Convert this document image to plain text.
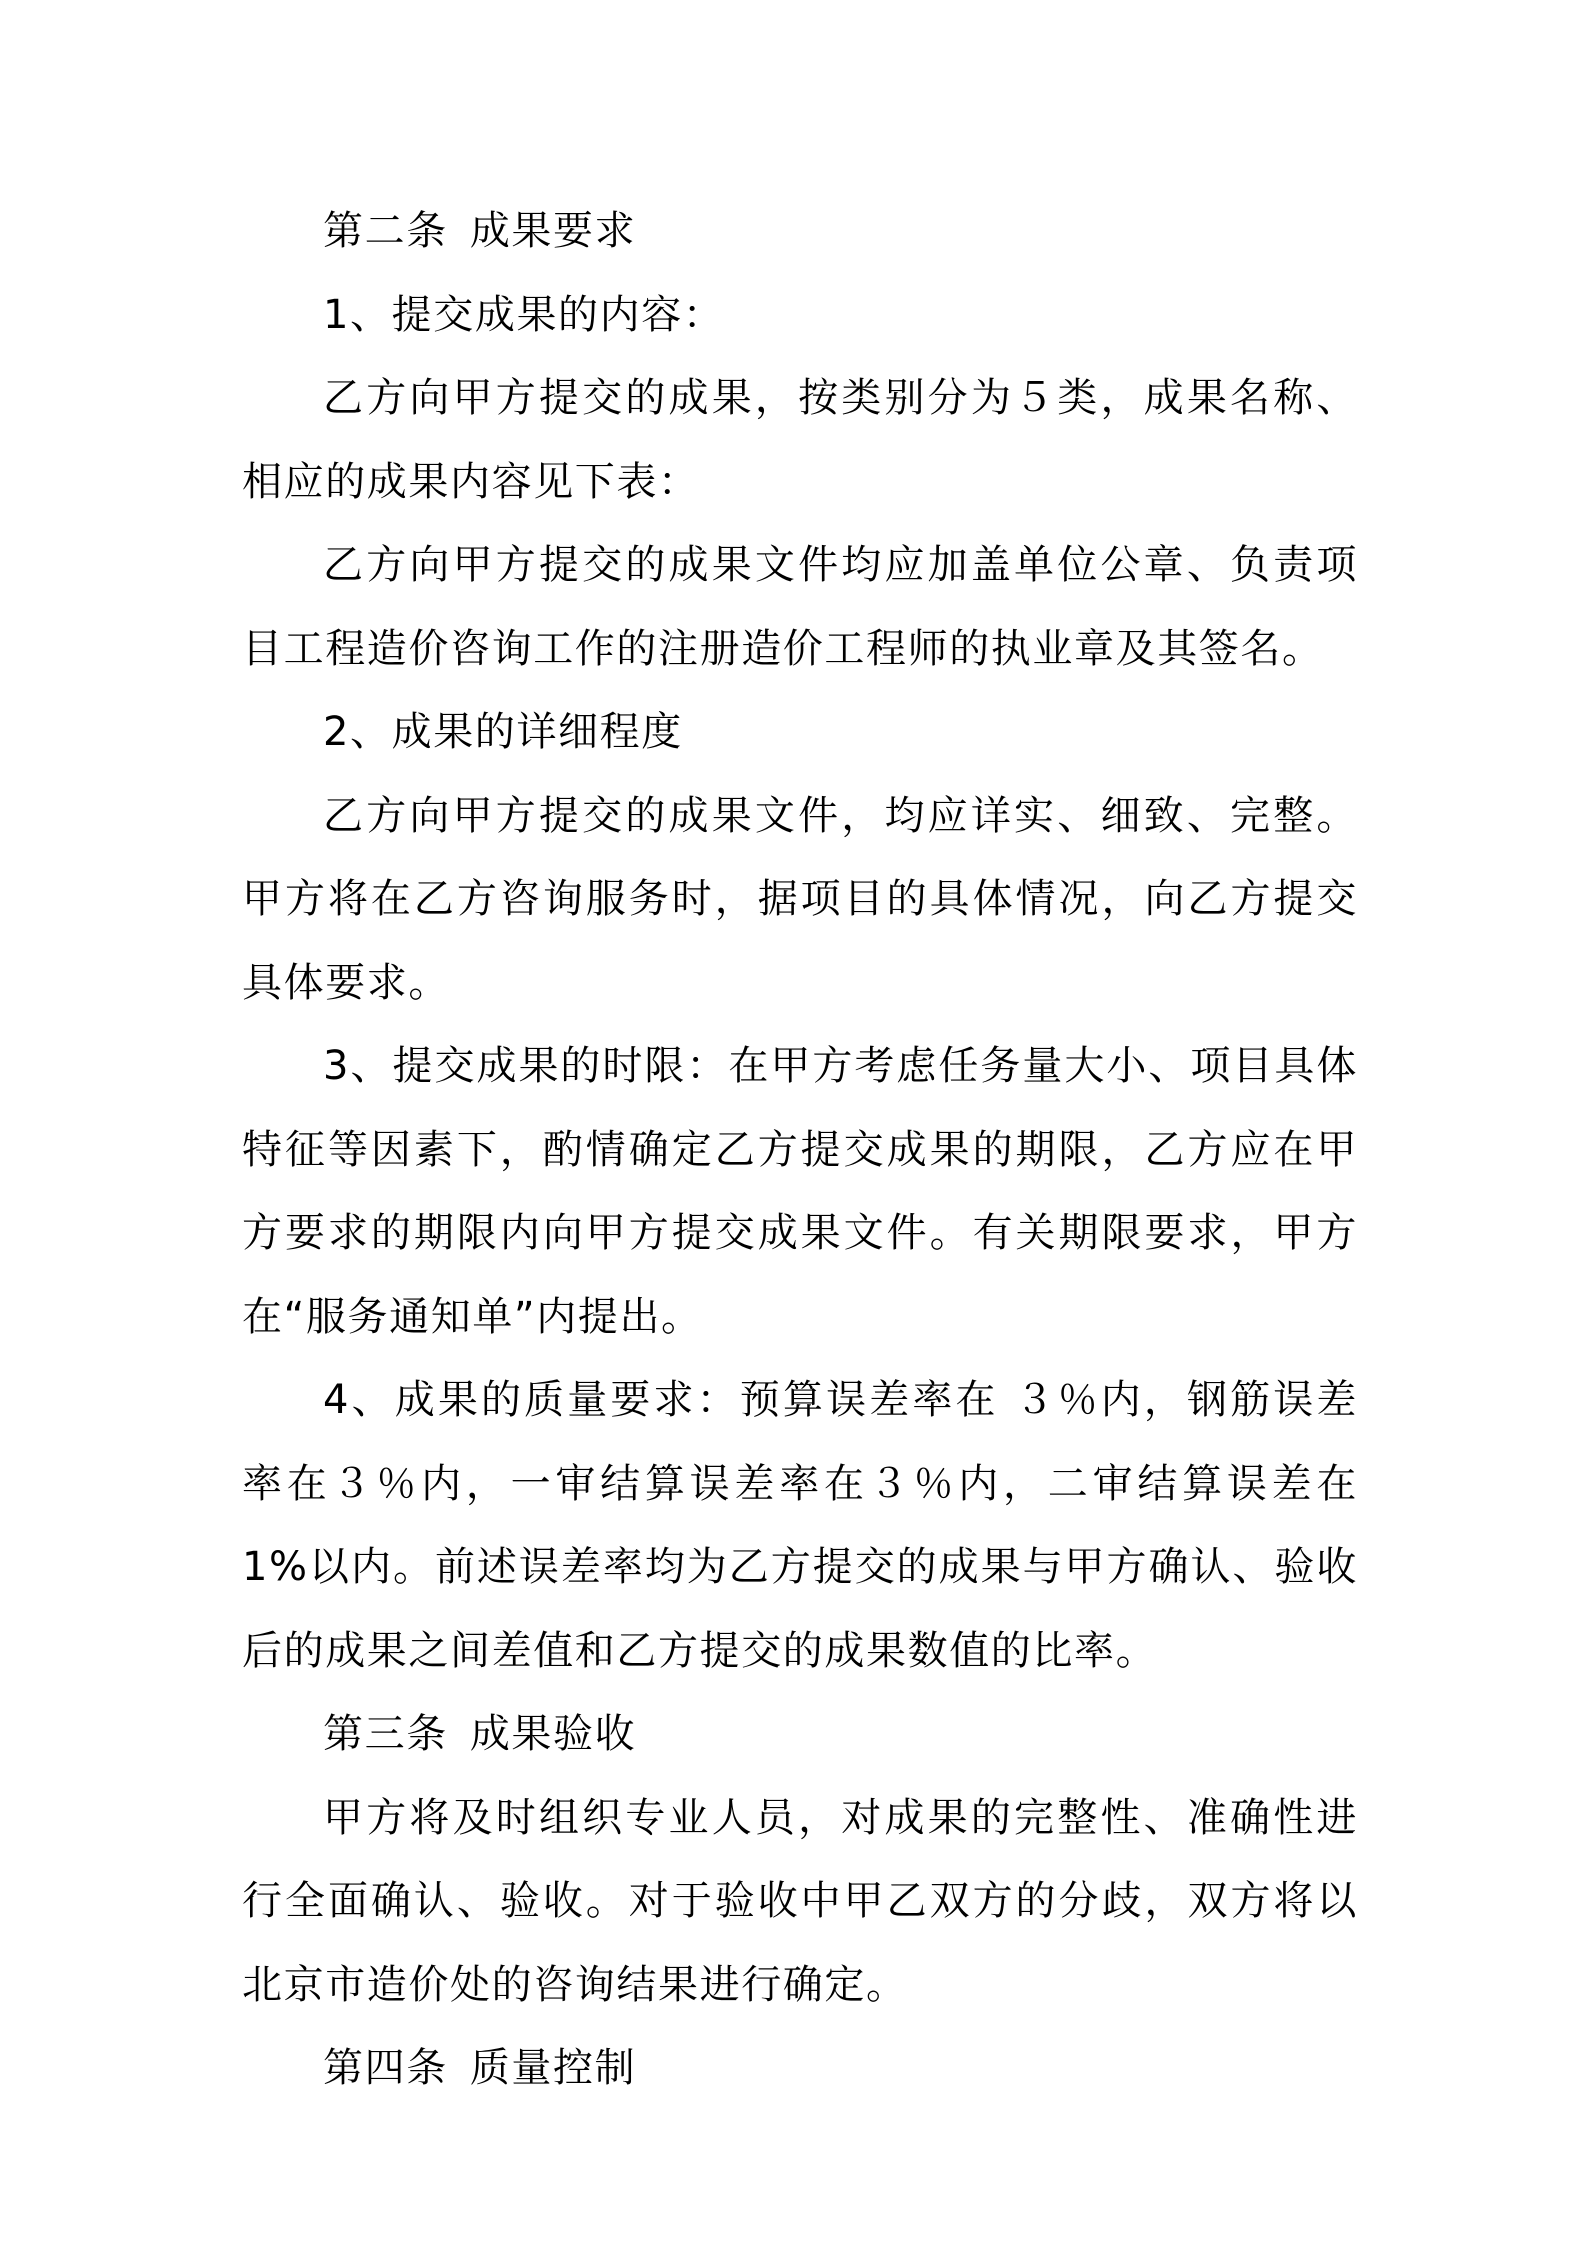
第二条 成果要求

1、提交成果的内容：

乙方向甲方提交的成果，按类别分为５类，成果名称、相应的成果内容见下表：

乙方向甲方提交的成果文件均应加盖单位公章、负责项目工程造价咨询工作的注册造价工程师的执业章及其签名。

2、成果的详细程度

乙方向甲方提交的成果文件，均应详实、细致、完整。甲方将在乙方咨询服务时，据项目的具体情况，向乙方提交具体要求。

3、提交成果的时限：在甲方考虑任务量大小、项目具体特征等因素下，酌情确定乙方提交成果的期限，乙方应在甲方要求的期限内向甲方提交成果文件。有关期限要求，甲方在“服务通知单”内提出。

4、成果的质量要求：预算误差率在 ３％内，钢筋误差率在３％内，一审结算误差率在３％内，二审结算误差在 1%以内。前述误差率均为乙方提交的成果与甲方确认、验收后的成果之间差值和乙方提交的成果数值的比率。

第三条 成果验收

甲方将及时组织专业人员，对成果的完整性、准确性进行全面确认、验收。对于验收中甲乙双方的分歧，双方将以北京市造价处的咨询结果进行确定。

第四条 质量控制
